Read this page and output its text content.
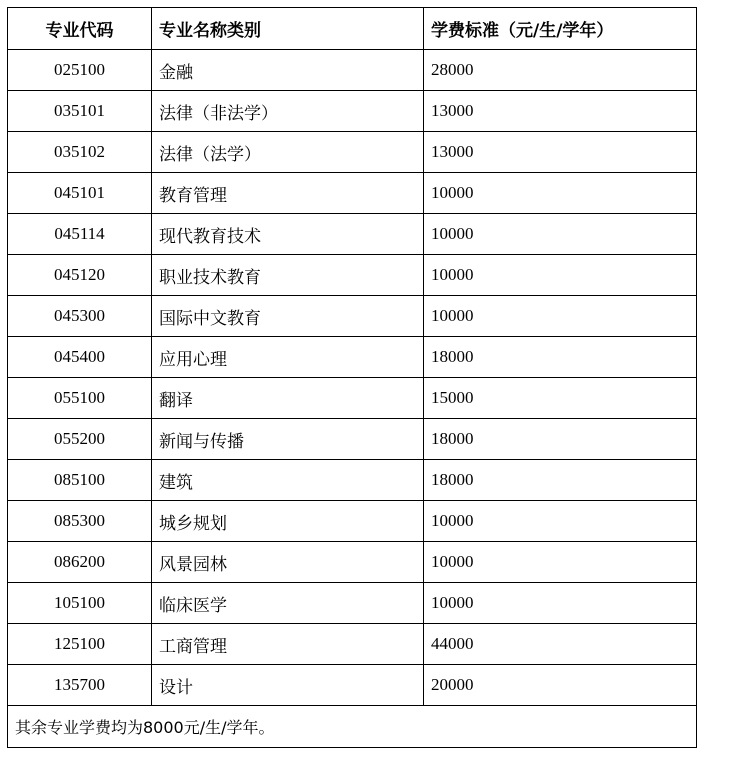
专业代码	专业名称类别	学费标准（元/生/学年）
025100	金融	28000
035101	法律（非法学）	13000
035102	法律（法学）	13000
045101	教育管理	10000
045114	现代教育技术	10000
045120	职业技术教育	10000
045300	国际中文教育	10000
045400	应用心理	18000
055100	翻译	15000
055200	新闻与传播	18000
085100	建筑	18000
085300	城乡规划	10000
086200	风景园林	10000
105100	临床医学	10000
125100	工商管理	44000
135700	设计	20000
其余专业学费均为8000元/生/学年。		
